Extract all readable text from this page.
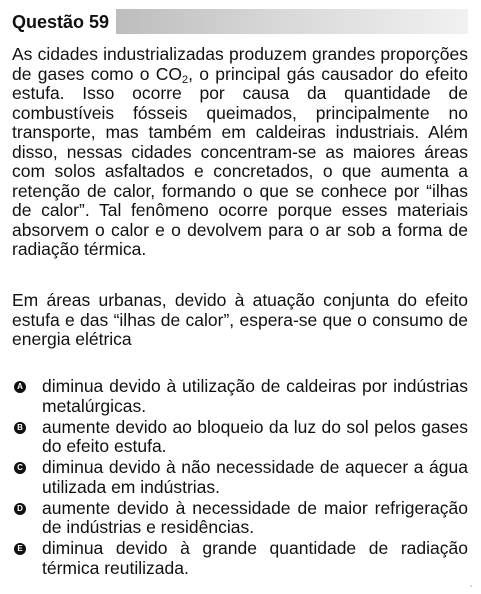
Questão 59
As cidades industrializadas produzem grandes proporções de gases como o $CO_2$, o principal gás causador do efeito estufa. Isso ocorre por causa da quantidade de combustíveis fósseis queimados, principalmente no transporte, mas também em caldeiras industriais. Além disso, nessas cidades concentram-se as maiores áreas com solos asfaltados e concretados, o que aumenta a retenção de calor, formando o que se conhece por “ilhas de calor”. Tal fenômeno ocorre porque esses materiais absorvem o calor e o devolvem para o ar sob a forma de radiação térmica.
Em áreas urbanas, devido à atuação conjunta do efeito estufa e das “ilhas de calor”, espera-se que o consumo de energia elétrica
A diminua devido à utilização de caldeiras por indústrias metalúrgicas.
B aumente devido ao bloqueio da luz do sol pelos gases do efeito estufa.
C diminua devido à não necessidade de aquecer a água utilizada em indústrias.
D aumente devido à necessidade de maior refrigeração de indústrias e residências.
E diminua devido à grande quantidade de radiação térmica reutilizada.
‚
